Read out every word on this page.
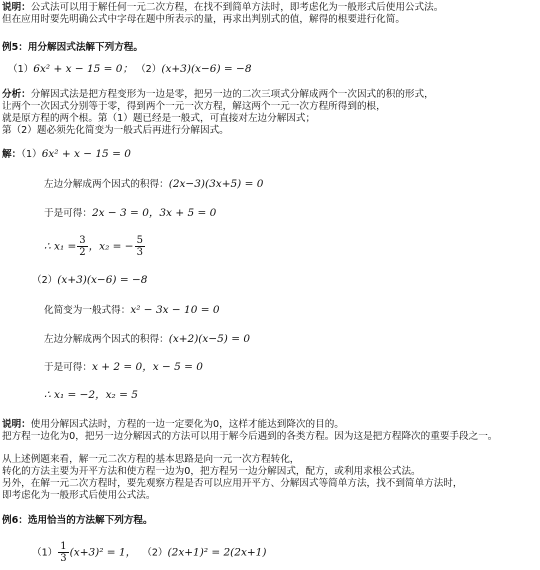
说明：公式法可以用于解任何一元二次方程，在找不到简单方法时，即考虑化为一般形式后使用公式法。
但在应用时要先明确公式中字母在题中所表示的量，再求出判别式的值，解得的根要进行化简。
例5：用分解因式法解下列方程。
（1）6x² + x − 15 = 0； （2）(x+3)(x−6) = −8
分析：分解因式法是把方程变形为一边是零，把另一边的二次三项式分解成两个一次因式的积的形式，
让两个一次因式分别等于零，得到两个一元一次方程，解这两个一元一次方程所得到的根，
就是原方程的两个根。第（1）题已经是一般式，可直接对左边分解因式；
第（2）题必须先化简变为一般式后再进行分解因式。
解：（1）6x² + x − 15 = 0
左边分解成两个因式的积得：(2x−3)(3x+5) = 0
于是可得：2x − 3 = 0，3x + 5 = 0
∴ $x_1 = \frac{3}{2}$ ，x₂ = − $\frac{5}{3}$
（2）(x+3)(x−6) = −8
化简变为一般式得：x² − 3x − 10 = 0
左边分解成两个因式的积得：(x+2)(x−5) = 0
于是可得：x + 2 = 0，x − 5 = 0
∴ x₁ = −2，x₂ = 5
说明：使用分解因式法时，方程的一边一定要化为0，这样才能达到降次的目的。
把方程一边化为0，把另一边分解因式的方法可以用于解今后遇到的各类方程。因为这是把方程降次的重要手段之一。
从上述例题来看，解一元二次方程的基本思路是向一元一次方程转化，
转化的方法主要为开平方法和使方程一边为0，把方程另一边分解因式，配方，或利用求根公式法。
另外，在解一元二次方程时，要先观察方程是否可以应用开平方、分解因式等简单方法，找不到简单方法时，
即考虑化为一般形式后使用公式法。
例6：选用恰当的方法解下列方程。
$(1) \frac{1}{3} (x+3)^2 = 1$， （2）(2x+1)² = 2(2x+1)
